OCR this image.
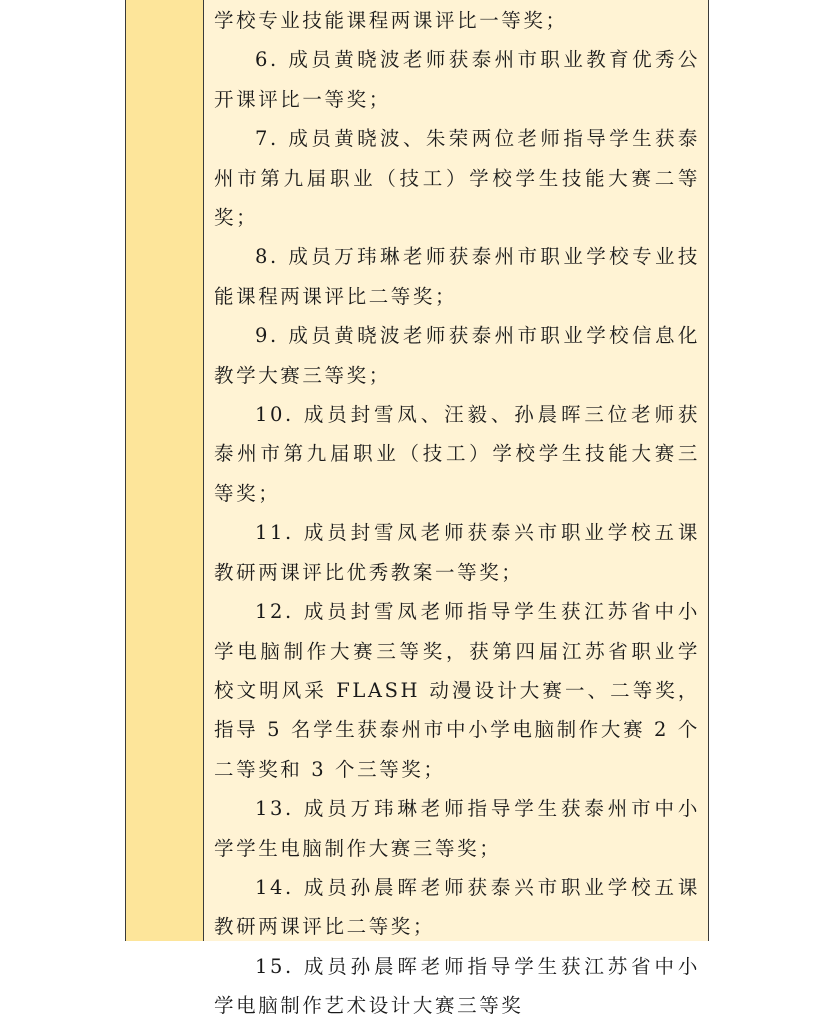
学校专业技能课程两课评比一等奖；

6. 成员黄晓波老师获泰州市职业教育优秀公开课评比一等奖；

7. 成员黄晓波、朱荣两位老师指导学生获泰州市第九届职业（技工）学校学生技能大赛二等奖；

8. 成员万玮琳老师获泰州市职业学校专业技能课程两课评比二等奖；

9. 成员黄晓波老师获泰州市职业学校信息化教学大赛三等奖；

10. 成员封雪凤、汪毅、孙晨晖三位老师获泰州市第九届职业（技工）学校学生技能大赛三等奖；

11. 成员封雪凤老师获泰兴市职业学校五课教研两课评比优秀教案一等奖；

12. 成员封雪凤老师指导学生获江苏省中小学电脑制作大赛三等奖，获第四届江苏省职业学校文明风采 FLASH 动漫设计大赛一、二等奖，指导 5 名学生获泰州市中小学电脑制作大赛 2 个二等奖和 3 个三等奖；

13. 成员万玮琳老师指导学生获泰州市中小学学生电脑制作大赛三等奖；

14. 成员孙晨晖老师获泰兴市职业学校五课教研两课评比二等奖；

15. 成员孙晨晖老师指导学生获江苏省中小学电脑制作艺术设计大赛三等奖
